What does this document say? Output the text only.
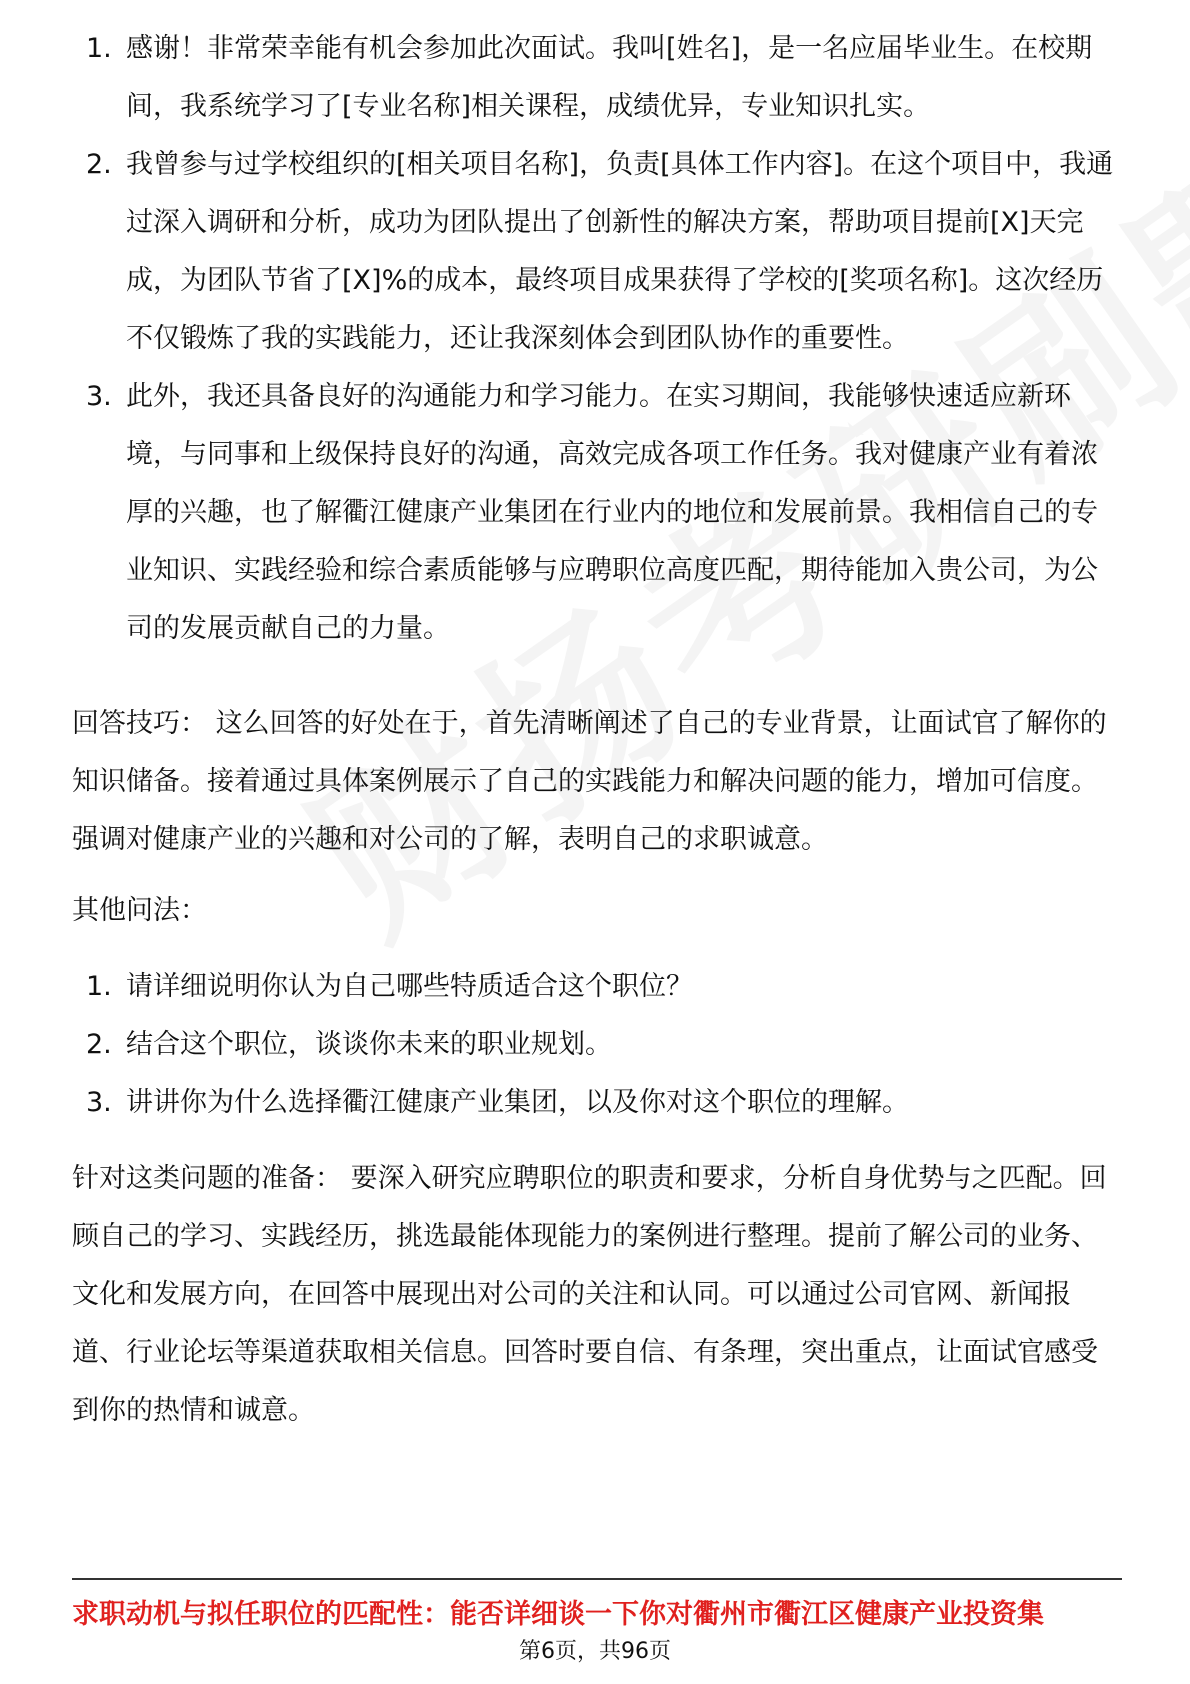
1. 感谢！非常荣幸能有机会参加此次面试。我叫[姓名]，是一名应届毕业生。在校期间，我系统学习了[专业名称]相关课程，成绩优异，专业知识扎实。
2. 我曾参与过学校组织的[相关项目名称]，负责[具体工作内容]。在这个项目中，我通过深入调研和分析，成功为团队提出了创新性的解决方案，帮助项目提前[X]天完成，为团队节省了[X]%的成本，最终项目成果获得了学校的[奖项名称]。这次经历不仅锻炼了我的实践能力，还让我深刻体会到团队协作的重要性。
3. 此外，我还具备良好的沟通能力和学习能力。在实习期间，我能够快速适应新环境，与同事和上级保持良好的沟通，高效完成各项工作任务。我对健康产业有着浓厚的兴趣，也了解衢江健康产业集团在行业内的地位和发展前景。我相信自己的专业知识、实践经验和综合素质能够与应聘职位高度匹配，期待能加入贵公司，为公司的发展贡献自己的力量。

回答技巧： 这么回答的好处在于，首先清晰阐述了自己的专业背景，让面试官了解你的知识储备。接着通过具体案例展示了自己的实践能力和解决问题的能力，增加可信度。强调对健康产业的兴趣和对公司的了解，表明自己的求职诚意。

其他问法：

1. 请详细说明你认为自己哪些特质适合这个职位？
2. 结合这个职位，谈谈你未来的职业规划。
3. 讲讲你为什么选择衢江健康产业集团，以及你对这个职位的理解。

针对这类问题的准备： 要深入研究应聘职位的职责和要求，分析自身优势与之匹配。回顾自己的学习、实践经历，挑选最能体现能力的案例进行整理。提前了解公司的业务、文化和发展方向，在回答中展现出对公司的关注和认同。可以通过公司官网、新闻报道、行业论坛等渠道获取相关信息。回答时要自信、有条理，突出重点，让面试官感受到你的热情和诚意。

求职动机与拟任职位的匹配性：能否详细谈一下你对衢州市衢江区健康产业投资集
第6页，共96页
